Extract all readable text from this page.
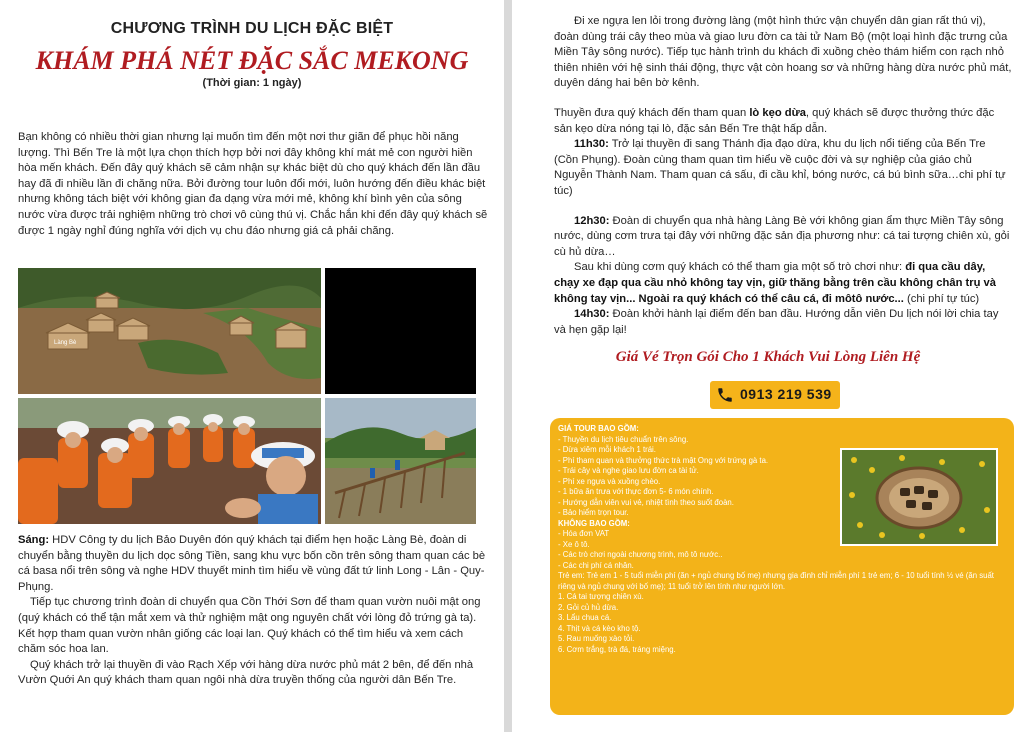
CHƯƠNG TRÌNH DU LỊCH ĐẶC BIỆT
KHÁM PHÁ NÉT ĐẶC SẮC MEKONG
(Thời gian: 1 ngày)
Bạn không có nhiều thời gian nhưng lại muốn tìm đến một nơi thư giãn để phục hồi năng lượng. Thì Bến Tre là một lựa chọn thích hợp bởi nơi đây không khí mát mẻ con người hiền hòa mến khách. Đến đây quý khách sẽ cảm nhận sự khác biệt dù cho quý khách đến lần đầu hay đã đi nhiều lần đi chăng nữa. Bởi đường tour luôn đổi mới, luôn hướng đến điều khác biệt nhưng không tách biệt với không gian đa dạng vừa mới mẻ, không khí bình yên của sông nước vừa được trải nghiệm những trò chơi vô cùng thú vị. Chắc hắn khi đến đây quý khách sẽ được 1 ngày nghỉ đúng nghĩa với dịch vụ chu đáo nhưng giá cả phải chăng.
Làng Bè

Sáng: HDV Công ty du lịch Bảo Duyên đón quý khách tại điểm hẹn hoặc Làng Bè, đoàn di chuyển bằng thuyền du lịch dọc sông Tiền, sang khu vực bốn cồn trên sông tham quan các bè cá basa nổi trên sông và nghe HDV thuyết minh tìm hiểu về vùng đất tứ linh Long - Lân - Quy- Phụng.

Tiếp tục chương trình đoàn di chuyển qua Cồn Thới Sơn để tham quan vườn nuôi mật ong (quý khách có thể tận mắt xem và thử nghiệm mật ong nguyên chất với lòng đỏ trứng gà ta). Kết hợp tham quan vườn nhân giống các loại lan. Quý khách có thể tìm hiểu và xem cách chăm sóc hoa lan.

Quý khách trở lại thuyền đi vào Rạch Xếp với hàng dừa nước phủ mát 2 bên, để đến nhà Vườn Quới An quý khách tham quan ngôi nhà dừa truyền thống của người dân Bến Tre.

Đi xe ngựa len lỏi trong đường làng (một hình thức vận chuyển dân gian rất thú vị), đoàn dùng trái cây theo mùa và giao lưu đờn ca tài tử Nam Bộ (một loại hình đặc trưng của Miền Tây sông nước). Tiếp tục hành trình du khách đi xuồng chèo thám hiểm con rạch nhỏ thiên nhiên với hệ sinh thái động, thực vật còn hoang sơ và những hàng dừa nước phủ mát, duyên dáng hai bên bờ kênh.

Thuyền đưa quý khách đến tham quan lò kẹo dừa, quý khách sẽ được thưởng thức đặc sản kẹo dừa nóng tại lò, đặc sản Bến Tre thật hấp dẫn.

11h30: Trở lại thuyền đi sang Thánh địa đạo dừa, khu du lịch nổi tiếng của Bến Tre (Cồn Phụng). Đoàn cùng tham quan tìm hiểu về cuộc đời và sự nghiệp của giáo chủ Nguyễn Thành Nam. Tham quan cá sấu, đi cầu khỉ, bóng nước, cá bú bình sữa…chi phí tự túc)

12h30: Đoàn di chuyển qua nhà hàng Làng Bè với không gian ẩm thực Miền Tây sông nước, dùng cơm trưa tại đây với những đặc sản địa phương như: cá tai tượng chiên xù, gỏi cù hủ dừa…

Sau khi dùng cơm quý khách có thể tham gia một số trò chơi như: đi qua cầu dây, chạy xe đạp qua cầu nhỏ không tay vịn, giữ thăng bằng trên cầu không chân trụ và không tay vịn... Ngoài ra quý khách có thể câu cá, đi môtô nước... (chi phí tự túc)

14h30: Đoàn khởi hành lại điểm đến ban đầu. Hướng dẫn viên Du lịch nói lời chia tay và hẹn gặp lại!

Giá Vé Trọn Gói Cho 1 Khách Vui Lòng Liên Hệ
0913 219 539
GIÁ TOUR BAO GỒM:
- Thuyền du lịch tiêu chuẩn trên sông.
- Dừa xiêm mỗi khách 1 trái.
- Phí tham quan và thưởng thức trà mật Ong với trứng gà ta.
- Trái cây và nghe giao lưu đờn ca tài tử.
- Phí xe ngựa và xuồng chèo.
- 1 bữa ăn trưa với thực đơn 5- 6 món chính.
- Hướng dẫn viên vui vẻ, nhiệt tình theo suốt đoàn.
- Bảo hiểm trọn tour.
KHÔNG BAO GỒM:
- Hóa đơn VAT
- Xe ô tô.
- Các trò chơi ngoài chương trình, mô tô nước..
- Các chi phí cá nhân.
Trẻ em: Trẻ em 1 - 5 tuổi miễn phí (ăn + ngủ chung bố mẹ) nhưng gia đình chỉ miễn phí 1 trẻ em; 6 - 10 tuổi tính ½ vé (ăn suất riêng và ngủ chung với bố mẹ); 11 tuổi trở lên tính như người lớn.
1. Cá tai tượng chiên xù.
2. Gỏi củ hủ dừa.
3. Lẩu chua cá.
4. Thịt và cá kèo kho tộ.
5. Rau muống xào tỏi.
6. Cơm trắng, trà đá, tráng miệng.
